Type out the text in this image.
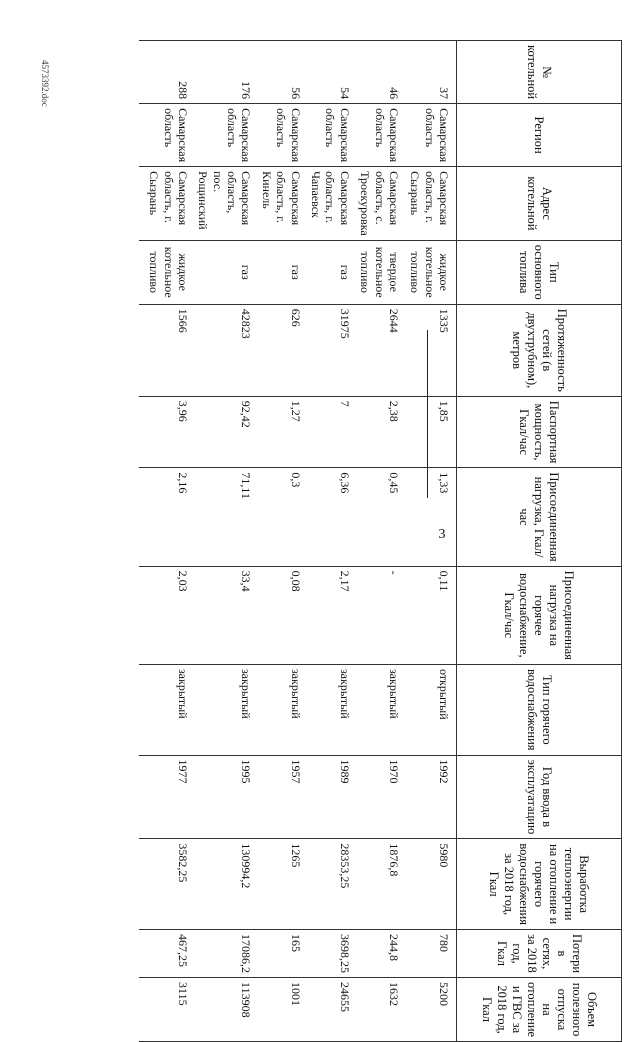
№ котельной	Регион	Адрес котельной	Тип основного топлива	Протяженность сетей (в двухтрубном), метров	Паспортная мощность, Гкал/час	Присоединенная нагрузка, Гкал/час	Присоединенная нагрузка на горячее водоснабжение, Гкал/час	Тип горячего водоснабжения	Год ввода в эксплуатацию	Выработка теплоэнергии на отопление и горячего водоснабжения за 2018 год, Гкал	Потери в сетях, за 2018 год, Гкал	Объем полезного отпуска на отопление и ГВС за 2018 год, Гкал
37	Самарская область	Самарская область, г. Сызрань	жидкое котельное топливо	1335	1,85	1,33	0,11	открытый	1992	5980	780	5200
46	Самарская область	Самарская область, с. Троекуровка	твердое котельное топливо	2644	2,38	0,45	-	закрытый	1970	1876,8	244,8	1632
54	Самарская область	Самарская область, г. Чапаевск	газ	31975	7	6,36	2,17	закрытый	1989	28353,25	3698,25	24655
56	Самарская область	Самарская область, г. Кинель	газ	626	1,27	0,3	0,08	закрытый	1957	1265	165	1001
176	Самарская область	Самарская область, пос. Рощинский	газ	42823	92,42	71,11	33,4	закрытый	1995	130994,2	17086,2	113908
288	Самарская область	Самарская область, г. Сызрань	жидкое котельное топливо	1566	3,96	2,16	2,03	закрытый	1977	3582,25	467,25	3115
3
4573392.doc
